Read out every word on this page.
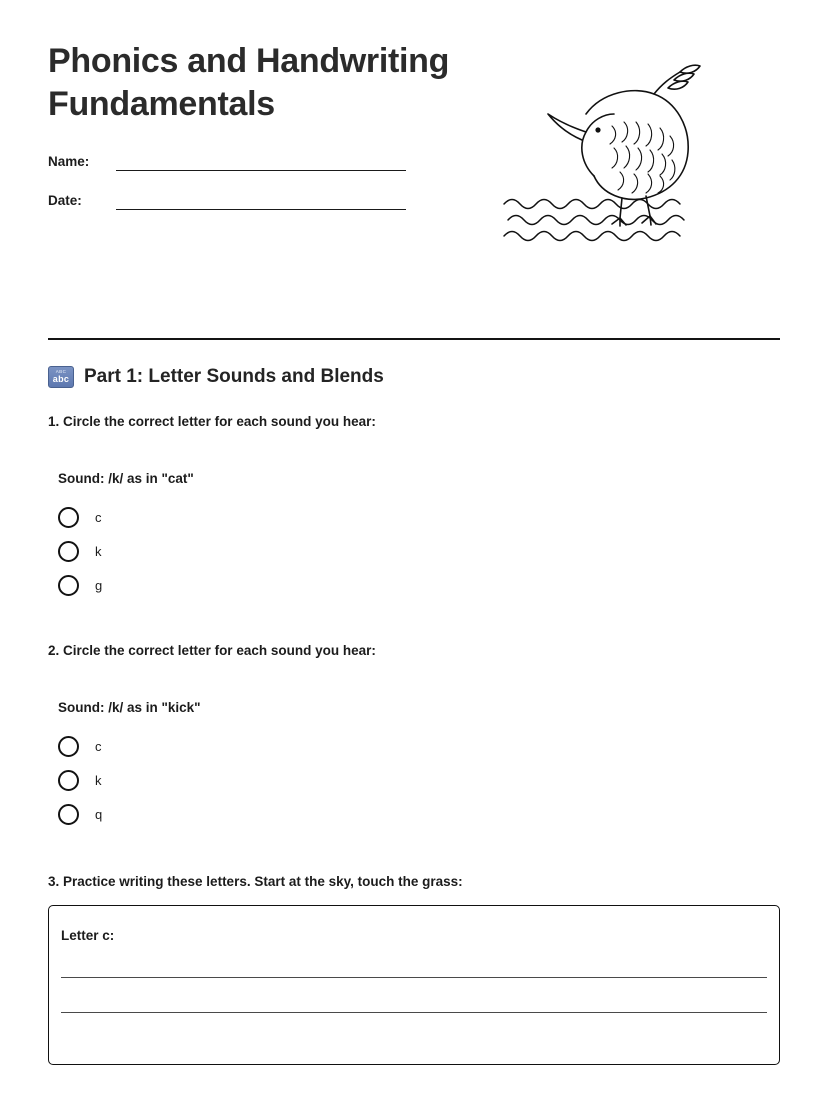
Phonics and Handwriting Fundamentals
Name:
Date:
ABC
abc Part 1: Letter Sounds and Blends
1. Circle the correct letter for each sound you hear:
Sound: /k/ as in "cat"
c
k
g
2. Circle the correct letter for each sound you hear:
Sound: /k/ as in "kick"
c
k
q
3. Practice writing these letters. Start at the sky, touch the grass:
Letter c:
